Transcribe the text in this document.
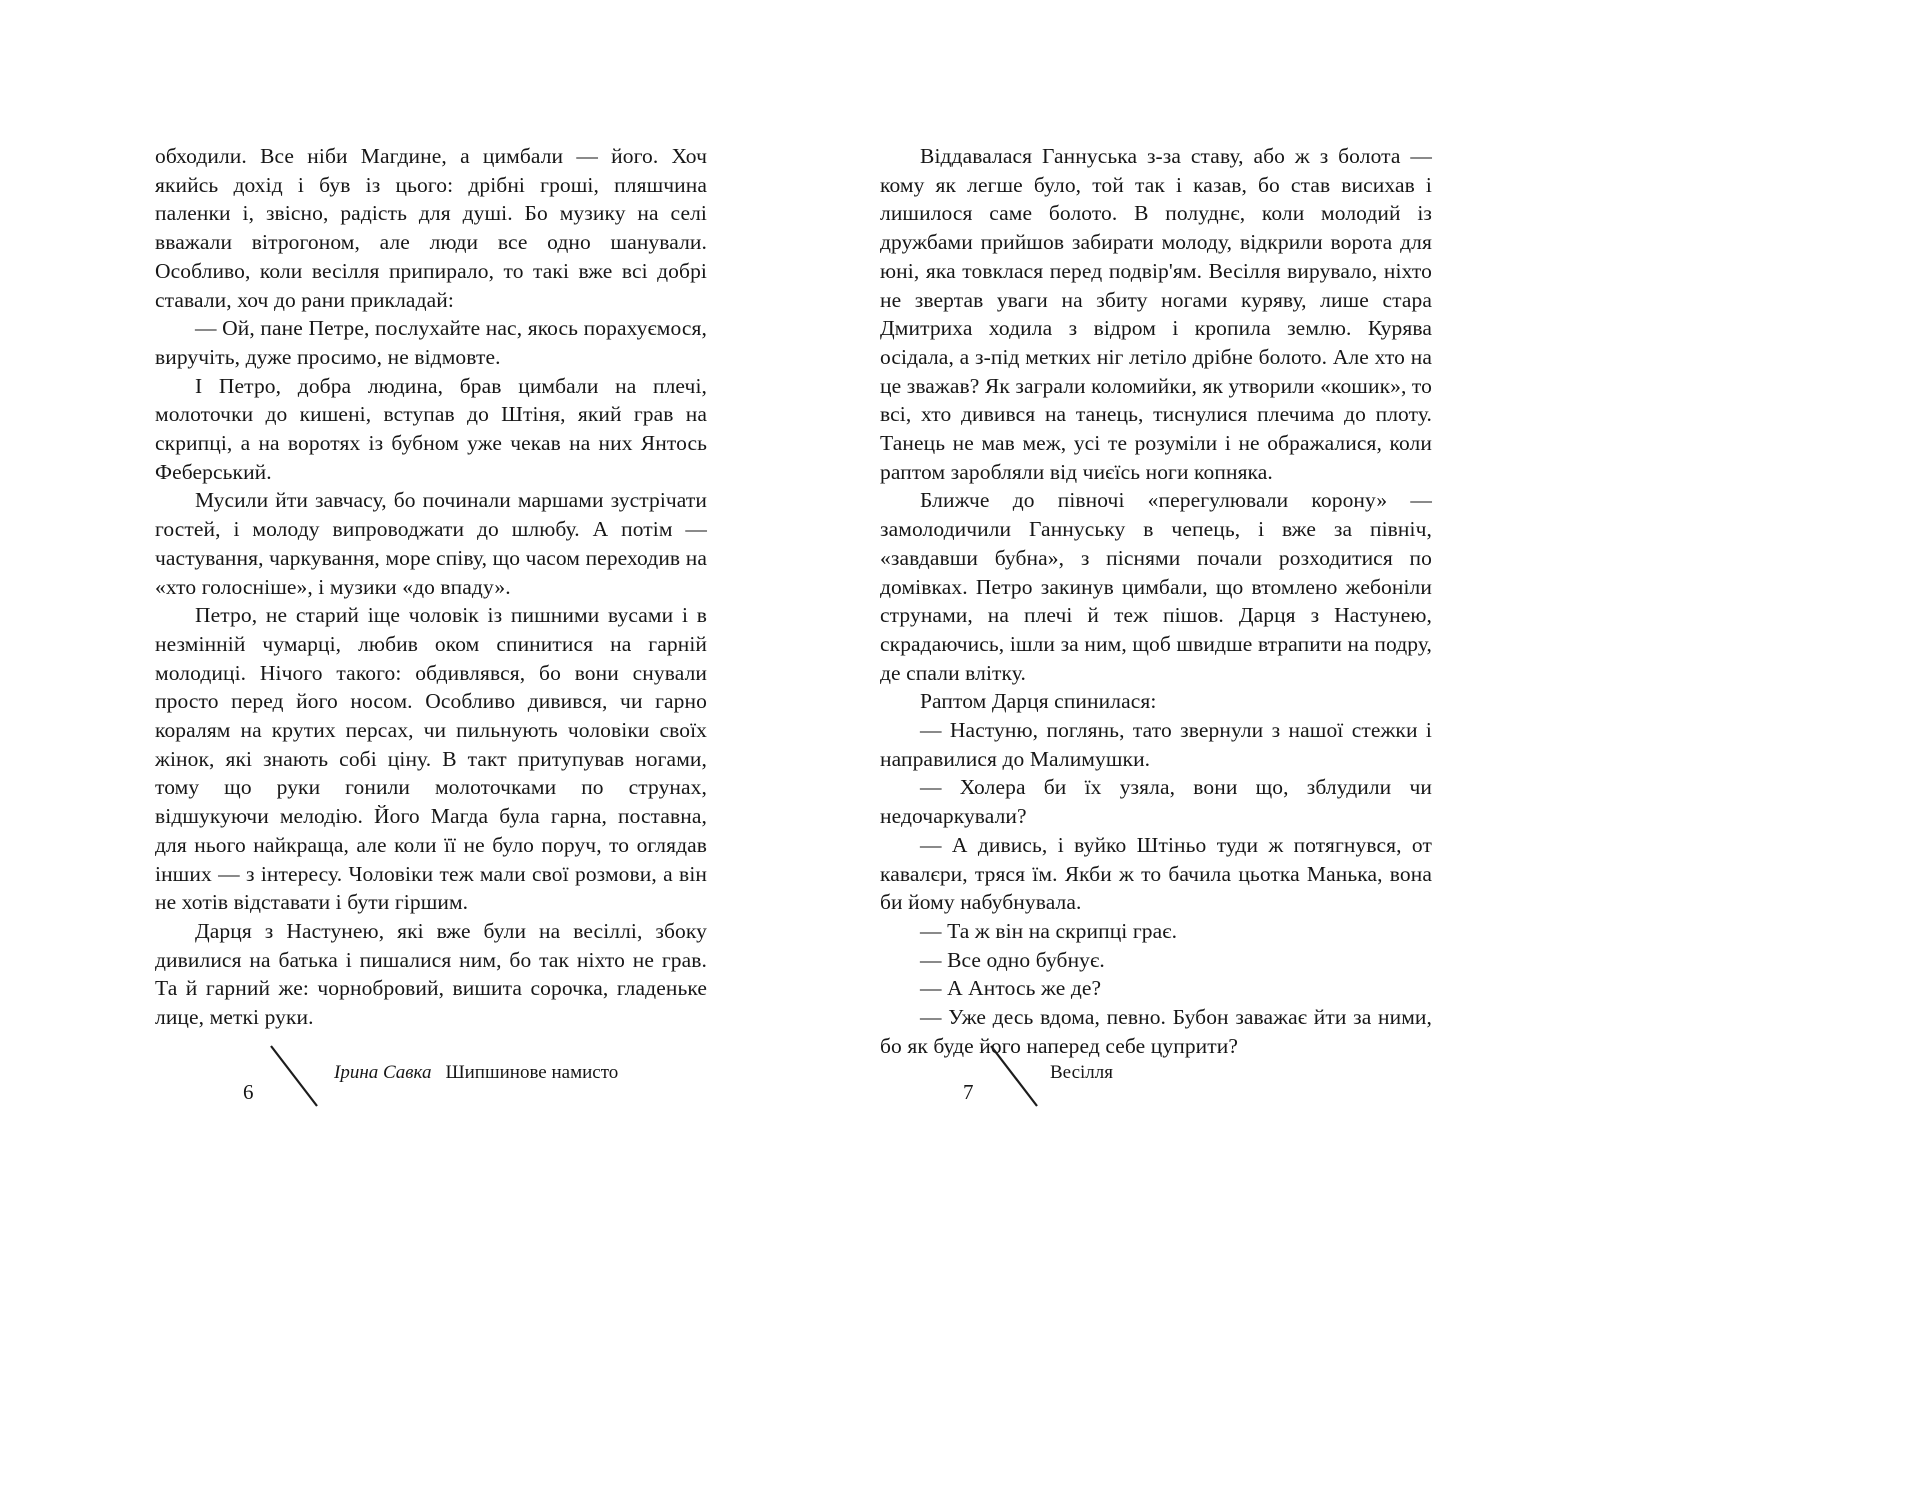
обходили. Все ніби Магдине, а цимбали — його. Хоч якийсь дохід і був із цього: дрібні гроші, пляшчина паленки і, звісно, радість для душі. Бо музику на селі вважали вітрогоном, але люди все одно шанували. Особливо, коли весілля припирало, то такі вже всі добрі ставали, хоч до рани прикладай:

— Ой, пане Петре, послухайте нас, якось порахуємося, виручіть, дуже просимо, не відмовте.

І Петро, добра людина, брав цимбали на плечі, молоточки до кишені, вступав до Штіня, який грав на скрипці, а на воротях із бубном уже чекав на них Янтось Феберський.

Мусили йти завчасу, бо починали маршами зустрічати гостей, і молоду випроводжати до шлюбу. А потім —частування, чаркування, море співу, що часом переходив на «хто голосніше», і музики «до впаду».

Петро, не старий іще чоловік із пишними вусами і в незмінній чумарці, любив оком спинитися на гарній молодиці. Нічого такого: обдивлявся, бо вони снували просто перед його носом. Особливо дивився, чи гарно коралям на крутих персах, чи пильнують чоловіки своїх жінок, які знають собі ціну. В такт притупував ногами, тому що руки гонили молоточками по струнах, відшукуючи мелодію. Його Магда була гарна, поставна, для нього найкраща, але коли її не було поруч, то оглядав інших — з інтересу. Чоловіки теж мали свої розмови, а він не хотів відставати і бути гіршим.

Дарця з Настунею, які вже були на весіллі, збоку дивилися на батька і пишалися ним, бо так ніхто не грав. Та й гарний же: чорнобровий, вишита сорочка, гладеньке лице, меткі руки.

Віддавалася Ганнуська з-за ставу, або ж з болота — кому як легше було, той так і казав, бо став висихав і лишилося саме болото. В полуднє, коли молодий із дружбами прийшов забирати молоду, відкрили ворота для юні, яка товклася перед подвір'ям. Весілля вирувало, ніхто не звертав уваги на збиту ногами куряву, лише стара Дмитриха ходила з відром і кропила землю. Курява осідала, а з-під метких ніг летіло дрібне болото. Але хто на це зважав? Як заграли коломийки, як утворили «кошик», то всі, хто дивився на танець, тиснулися плечима до плоту. Танець не мав меж, усі те розуміли і не ображалися, коли раптом заробляли від чиєїсь ноги копняка.

Ближче до півночі «перегулювали корону» — замолодичили Ганнуську в чепець, і вже за північ, «завдавши бубна», з піснями почали розходитися по домівках. Петро закинув цимбали, що втомлено жебоніли струнами, на плечі й теж пішов. Дарця з Настунею, скрадаючись, ішли за ним, щоб швидше втрапити на подру, де спали влітку.

Раптом Дарця спинилася:

— Настуню, поглянь, тато звернули з нашої стежки і направилися до Малимушки.

— Холера би їх узяла, вони що, зблудили чи недочаркували?

— А дивись, і вуйко Штіньо туди ж потягнувся, от кавалєри, тряся їм. Якби ж то бачила цьотка Манька, вона би йому набубнувала.

— Та ж він на скрипці грає.

— Все одно бубнує.

— А Антось же де?

— Уже десь вдома, певно. Бубон заважає йти за ними, бо як буде його наперед себе цуприти?

6
Ірина Савка Шипшинове намисто
7
Весілля
